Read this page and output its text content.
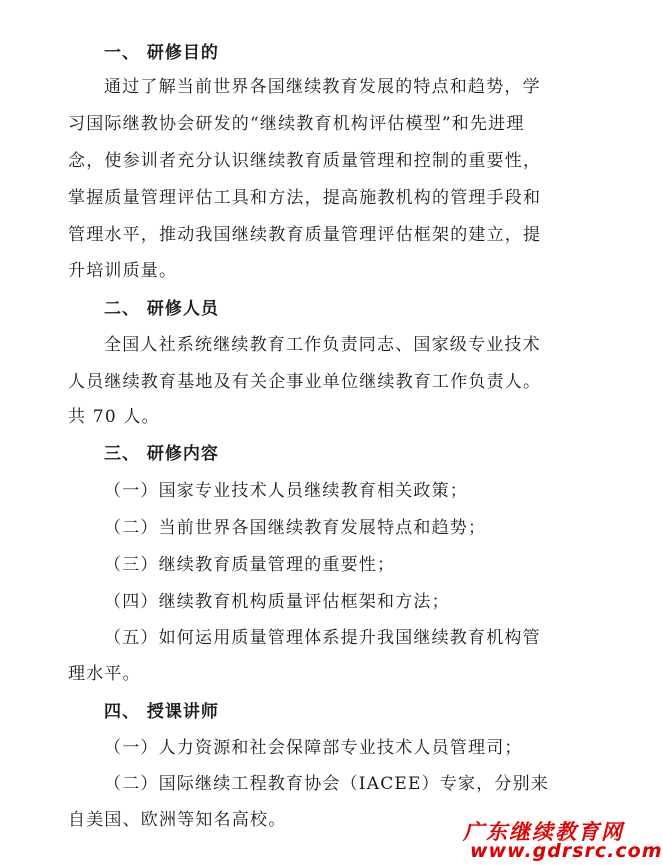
一、 研修目的
通过了解当前世界各国继续教育发展的特点和趋势，学
习国际继教协会研发的“继续教育机构评估模型”和先进理
念，使参训者充分认识继续教育质量管理和控制的重要性，
掌握质量管理评估工具和方法，提高施教机构的管理手段和
管理水平，推动我国继续教育质量管理评估框架的建立，提
升培训质量。
二、 研修人员
全国人社系统继续教育工作负责同志、国家级专业技术
人员继续教育基地及有关企事业单位继续教育工作负责人。
共 70 人。
三、 研修内容
（一）国家专业技术人员继续教育相关政策；
（二）当前世界各国继续教育发展特点和趋势；
（三）继续教育质量管理的重要性；
（四）继续教育机构质量评估框架和方法；
（五）如何运用质量管理体系提升我国继续教育机构管
理水平。
四、 授课讲师
（一）人力资源和社会保障部专业技术人员管理司；
（二）国际继续工程教育协会（IACEE）专家，分别来
自美国、欧洲等知名高校。	广东继续教育网
www.gdrsrc.com
